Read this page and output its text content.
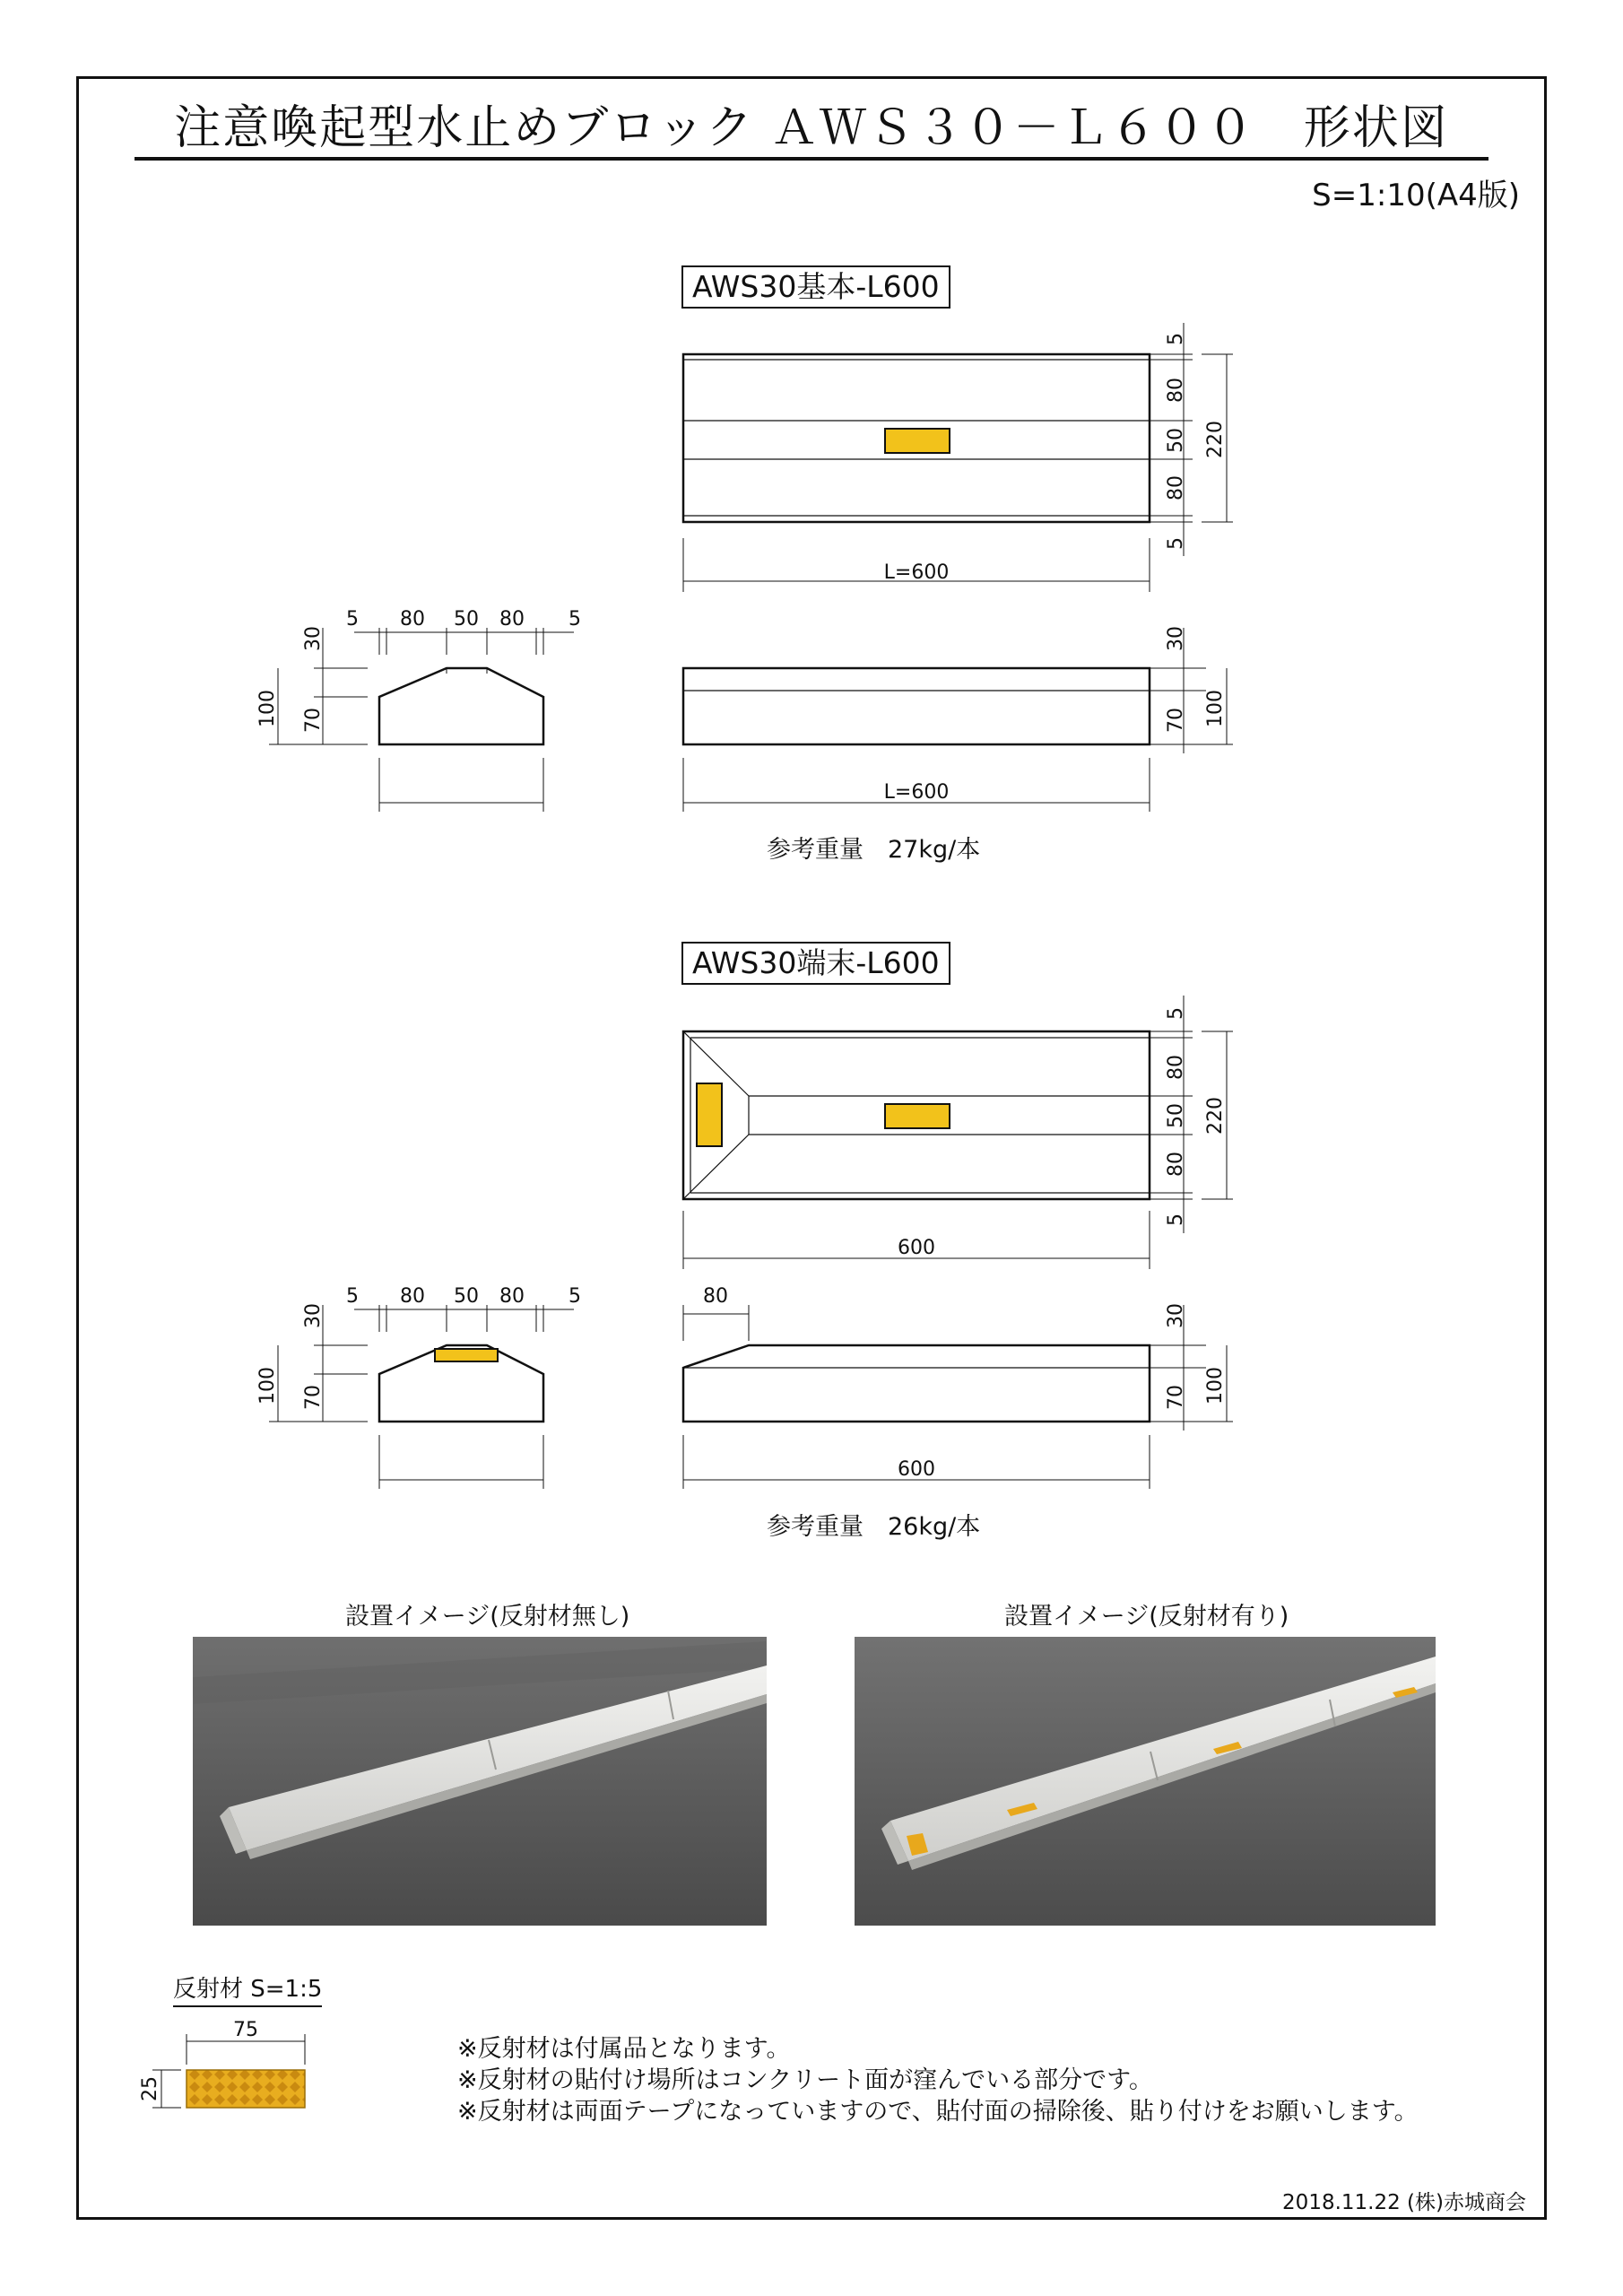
注意喚起型水止めブロック ＡＷＳ３０－Ｌ６００　形状図
S=1:10(A4版)
AWS30基本-L600
L=600
5
80
50
80
5
220
5 80 50 80 5
30
70
100
30
70 100
L=600
参考重量　27kg/本
AWS30端末-L600
600
5
80
50
80
5
220
5 80 50 80 5
30
70
100
80
30
70 100
600
参考重量　26kg/本
設置イメージ(反射材無し)	設置イメージ(反射材有り)
反射材 S=1:5
75
25
※反射材は付属品となります。
※反射材の貼付け場所はコンクリート面が窪んでいる部分です。
※反射材は両面テープになっていますので、貼付面の掃除後、貼り付けをお願いします。
2018.11.22 (株)赤城商会
